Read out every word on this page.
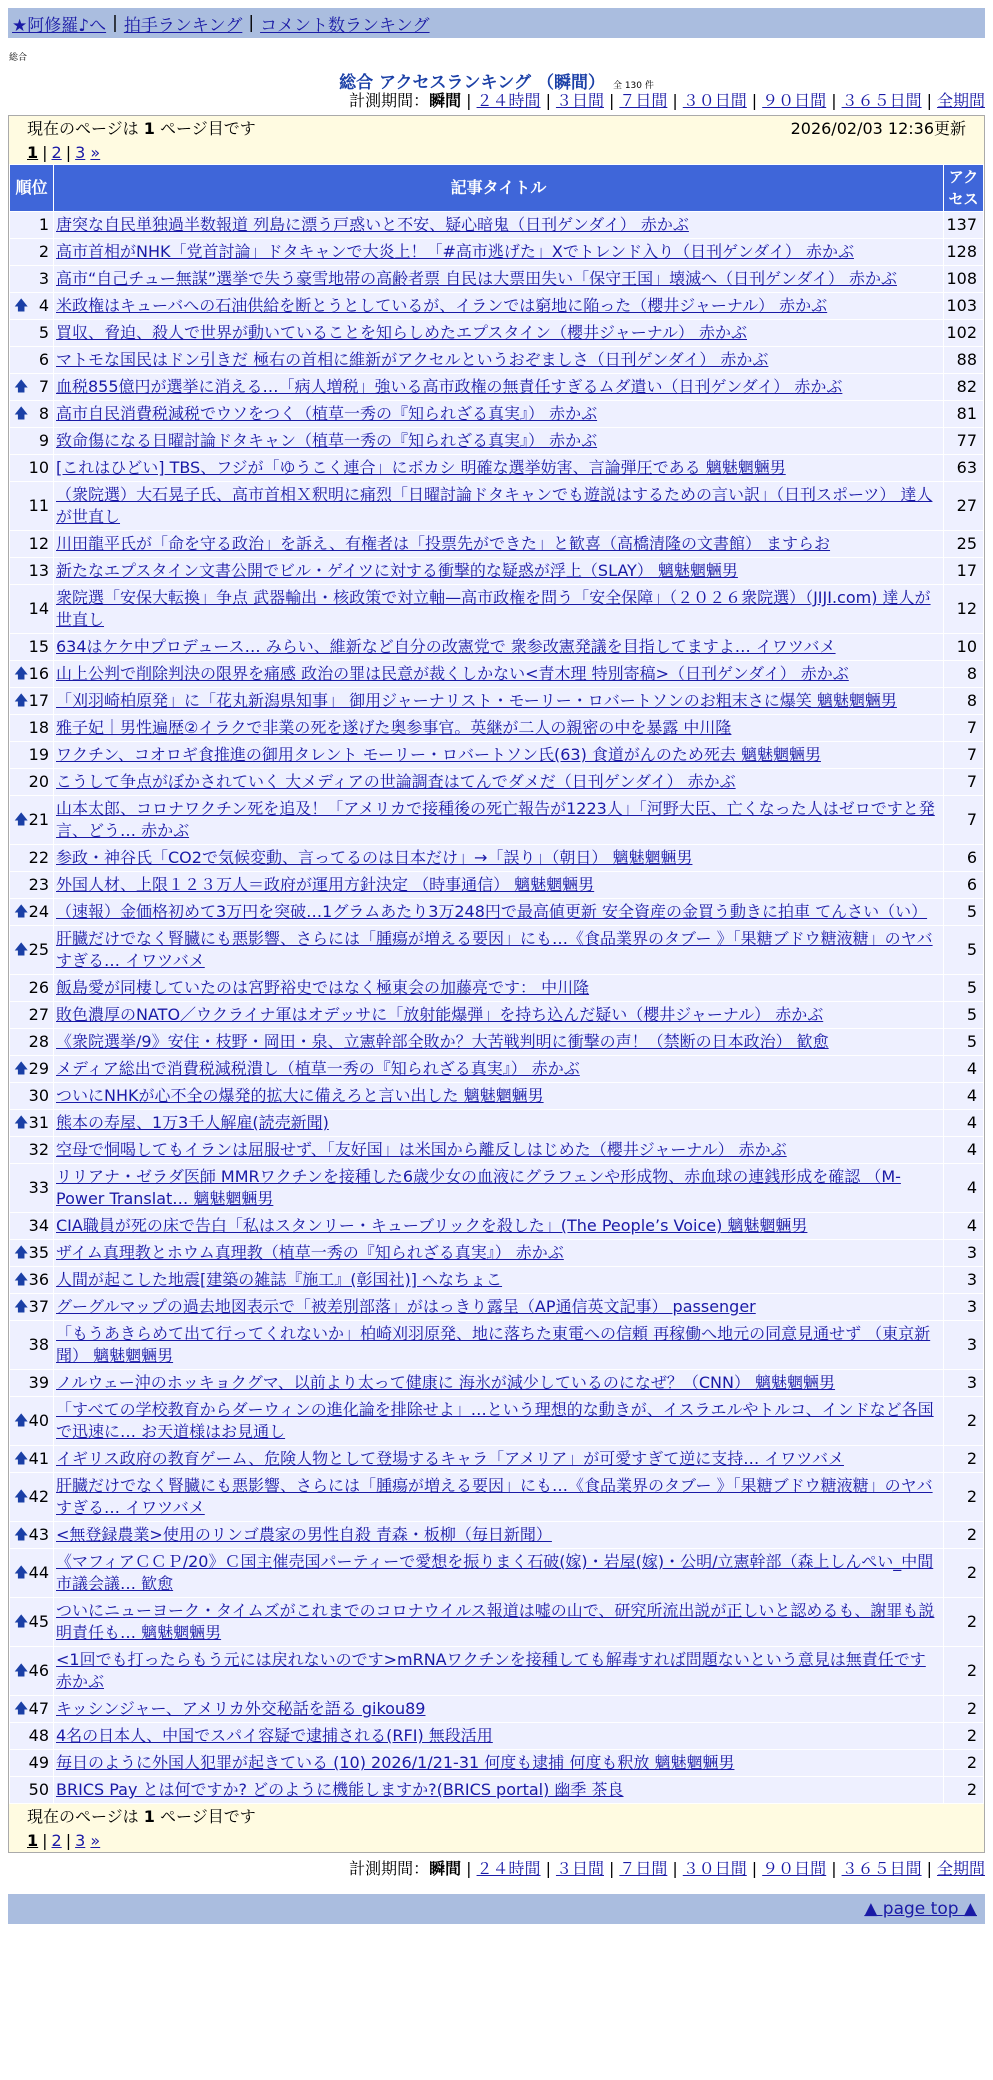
★阿修羅♪へ | 拍手ランキング | コメント数ランキング
総合
総合 アクセスランキング （瞬間） 全 130 件
計測期間：瞬間 | ２４時間 | ３日間 | ７日間 | ３０日間 | ９０日間 | ３６５日間 | 全期間
現在のページは 1 ページ目です	2026/02/03 12:36更新
1 | 2 | 3 »
順位	記事タイトル	アクセス
1	唐突な自民単独過半数報道 列島に漂う戸惑いと不安、疑心暗鬼（日刊ゲンダイ） 赤かぶ	137
2	高市首相がNHK「党首討論」ドタキャンで大炎上！「#高市逃げた」Xでトレンド入り（日刊ゲンダイ） 赤かぶ	128
3	高市“自己チュー無謀”選挙で失う豪雪地帯の高齢者票 自民は大票田失い「保守王国」壊滅へ（日刊ゲンダイ） 赤かぶ	108

🡅 4	米政権はキューバへの石油供給を断とうとしているが、イランでは窮地に陥った（櫻井ジャーナル） 赤かぶ	103
5	買収、脅迫、殺人で世界が動いていることを知らしめたエプスタイン（櫻井ジャーナル） 赤かぶ	102
6	マトモな国民はドン引きだ 極右の首相に維新がアクセルというおぞましさ（日刊ゲンダイ） 赤かぶ	88

🡅 7	血税855億円が選挙に消える…「病人増税」強いる高市政権の無責任すぎるムダ遣い（日刊ゲンダイ） 赤かぶ	82

🡅 8	高市自民消費税減税でウソをつく（植草一秀の『知られざる真実』） 赤かぶ	81
9	致命傷になる日曜討論ドタキャン（植草一秀の『知られざる真実』） 赤かぶ	77
10	[これはひどい] TBS、フジが「ゆうこく連合」にボカシ 明確な選挙妨害、言論弾圧である 魑魅魍魎男	63
11	（衆院選）大石晃子氏、高市首相Ｘ釈明に痛烈「日曜討論ドタキャンでも遊説はするための言い訳」（日刊スポーツ） 達人が世直し	27
12	川田龍平氏が「命を守る政治」を訴え、有権者は「投票先ができた」と歓喜（高橋清隆の文書館） ますらお	25
13	新たなエプスタイン文書公開でビル・ゲイツに対する衝撃的な疑惑が浮上（SLAY） 魑魅魍魎男	17
14	衆院選「安保大転換」争点 武器輸出・核政策で対立軸—高市政権を問う「安全保障」（２０２６衆院選）（JIJI.com) 達人が世直し	12
15	634はケケ中プロデュース… みらい、維新など自分の改憲党で 衆参改憲発議を目指してますよ… イワツバメ	10

🡅 16	山上公判で削除判決の限界を痛感 政治の罪は民意が裁くしかない<青木理 特別寄稿>（日刊ゲンダイ） 赤かぶ	8

🡅 17	「刈羽崎柏原発」に「花丸新潟県知事」 御用ジャーナリスト・モーリー・ロバートソンのお粗末さに爆笑 魑魅魍魎男	8
18	雅子妃｜男性遍歴②イラクで非業の死を遂げた奥参事官。英継が二人の親密の中を暴露 中川隆	7
19	ワクチン、コオロギ食推進の御用タレント モーリー・ロバートソン氏(63) 食道がんのため死去 魑魅魍魎男	7
20	こうして争点がぼかされていく 大メディアの世論調査はてんでダメだ（日刊ゲンダイ） 赤かぶ	7

🡅 21	山本太郎、コロナワクチン死を追及！「アメリカで接種後の死亡報告が1223人」「河野大臣、亡くなった人はゼロですと発言、どう… 赤かぶ	7
22	参政・神谷氏「CO2で気候変動、言ってるのは日本だけ」→「誤り」（朝日） 魑魅魍魎男	6
23	外国人材、上限１２３万人＝政府が運用方針決定 （時事通信） 魑魅魍魎男	6

🡅 24	（速報）金価格初めて3万円を突破…1グラムあたり3万248円で最高値更新 安全資産の金買う動きに拍車 てんさい（い）	5

🡅 25	肝臓だけでなく腎臓にも悪影響、さらには「腫瘍が増える要因」にも…《食品業界のタブー 》「果糖ブドウ糖液糖」のヤバすぎる… イワツバメ	5
26	飯島愛が同棲していたのは宮野裕史ではなく極東会の加藤亮です： 中川隆	5
27	敗色濃厚のNATO／ウクライナ軍はオデッサに「放射能爆弾」を持ち込んだ疑い（櫻井ジャーナル） 赤かぶ	5
28	《衆院選挙/9》安住・枝野・岡田・泉、立憲幹部全敗か？大苦戦判明に衝撃の声！（禁断の日本政治） 歓愈	5

🡅 29	メディア総出で消費税減税潰し（植草一秀の『知られざる真実』） 赤かぶ	4
30	ついにNHKが心不全の爆発的拡大に備えろと言い出した 魑魅魍魎男	4

🡅 31	熊本の寿屋、1万3千人解雇(読売新聞)	4
32	空母で恫喝してもイランは屈服せず、「友好国」は米国から離反しはじめた（櫻井ジャーナル） 赤かぶ	4
33	リリアナ・ゼラダ医師 MMRワクチンを接種した6歳少女の血液にグラフェンや形成物、赤血球の連銭形成を確認 （M-Power Translat… 魑魅魍魎男	4
34	CIA職員が死の床で告白「私はスタンリー・キューブリックを殺した」(The People’s Voice) 魑魅魍魎男	4

🡅 35	ザイム真理教とホウム真理教（植草一秀の『知られざる真実』） 赤かぶ	3

🡅 36	人間が起こした地震[建築の雑誌『施工』(彰国社)] へなちょこ	3

🡅 37	グーグルマップの過去地図表示で「被差別部落」がはっきり露呈（AP通信英文記事） passenger	3
38	「もうあきらめて出て行ってくれないか」柏崎刈羽原発、地に落ちた東電への信頼 再稼働へ地元の同意見通せず （東京新聞） 魑魅魍魎男	3
39	ノルウェー沖のホッキョクグマ、以前より太って健康に 海氷が減少しているのになぜ？（CNN） 魑魅魍魎男	3

🡅 40	「すべての学校教育からダーウィンの進化論を排除せよ」…という理想的な動きが、イスラエルやトルコ、インドなど各国で迅速に… お天道様はお見通し	2

🡅 41	イギリス政府の教育ゲーム、危険人物として登場するキャラ「アメリア」が可愛すぎて逆に支持… イワツバメ	2

🡅 42	肝臓だけでなく腎臓にも悪影響、さらには「腫瘍が増える要因」にも…《食品業界のタブー 》「果糖ブドウ糖液糖」のヤバすぎる… イワツバメ	2

🡅 43	<無登録農業>使用のリンゴ農家の男性自殺 青森・板柳（毎日新聞）	2

🡅 44	《マフィアＣＣＰ/20》Ｃ国主催売国パーティーで愛想を振りまく石破(嫁)・岩屋(嫁)・公明/立憲幹部（森上しんぺい_中間市議会議… 歓愈	2

🡅 45	ついにニューヨーク・タイムズがこれまでのコロナウイルス報道は嘘の山で、研究所流出説が正しいと認めるも、謝罪も説明責任も… 魑魅魍魎男	2

🡅 46	<1回でも打ったらもう元には戻れないのです>mRNAワクチンを接種しても解毒すれば問題ないという意見は無責任です 赤かぶ	2

🡅 47	キッシンジャー、アメリカ外交秘話を語る gikou89	2
48	4名の日本人、中国でスパイ容疑で逮捕される(RFI) 無段活用	2
49	毎日のように外国人犯罪が起きている (10) 2026/1/21-31 何度も逮捕 何度も釈放 魑魅魍魎男	2
50	BRICS Pay とは何ですか? どのように機能しますか?(BRICS portal) 幽季 茶良	2
現在のページは 1 ページ目です
1 | 2 | 3 »
計測期間：瞬間 | ２４時間 | ３日間 | ７日間 | ３０日間 | ９０日間 | ３６５日間 | 全期間
▲ page top ▲
